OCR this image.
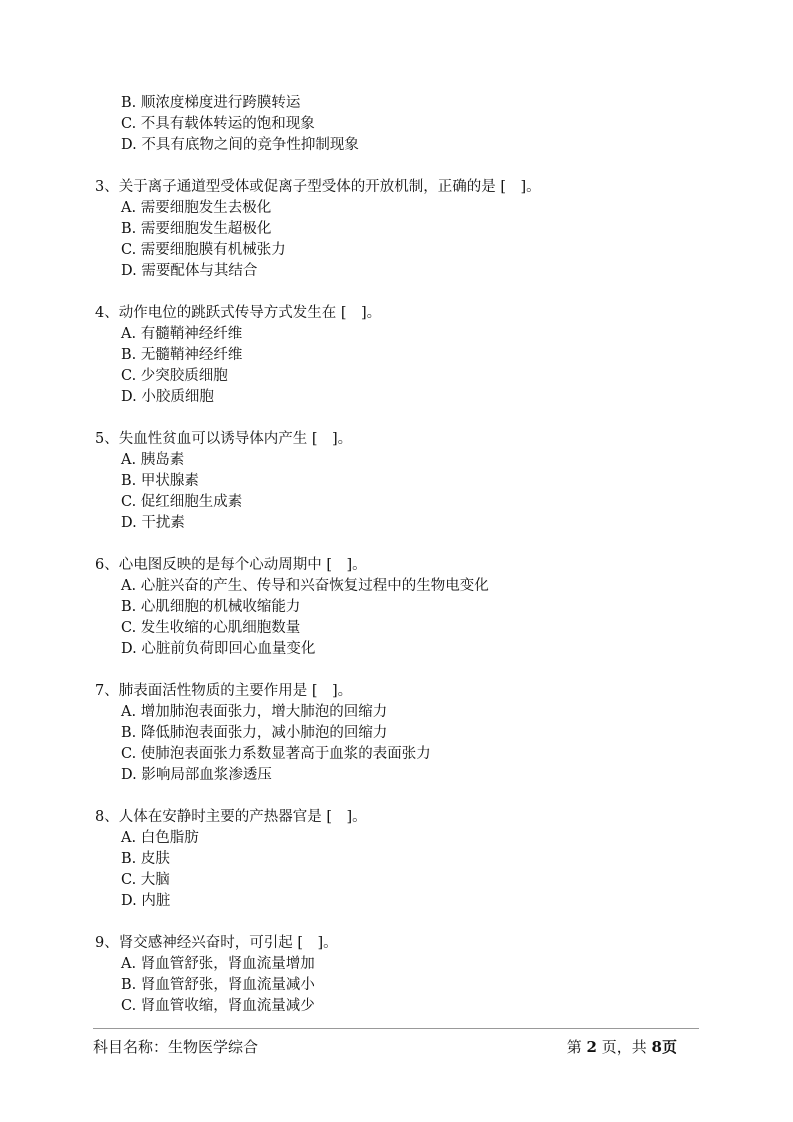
B. 顺浓度梯度进行跨膜转运
C. 不具有载体转运的饱和现象
D. 不具有底物之间的竞争性抑制现象
3、关于离子通道型受体或促离子型受体的开放机制，正确的是 [　]。
A. 需要细胞发生去极化
B. 需要细胞发生超极化
C. 需要细胞膜有机械张力
D. 需要配体与其结合
4、动作电位的跳跃式传导方式发生在 [　]。
A. 有髓鞘神经纤维
B. 无髓鞘神经纤维
C. 少突胶质细胞
D. 小胶质细胞
5、失血性贫血可以诱导体内产生 [　]。
A. 胰岛素
B. 甲状腺素
C. 促红细胞生成素
D. 干扰素
6、心电图反映的是每个心动周期中 [　]。
A. 心脏兴奋的产生、传导和兴奋恢复过程中的生物电变化
B. 心肌细胞的机械收缩能力
C. 发生收缩的心肌细胞数量
D. 心脏前负荷即回心血量变化
7、肺表面活性物质的主要作用是 [　]。
A. 增加肺泡表面张力，增大肺泡的回缩力
B. 降低肺泡表面张力，减小肺泡的回缩力
C. 使肺泡表面张力系数显著高于血浆的表面张力
D. 影响局部血浆渗透压
8、人体在安静时主要的产热器官是 [　]。
A. 白色脂肪
B. 皮肤
C. 大脑
D. 内脏
9、肾交感神经兴奋时，可引起 [　]。
A. 肾血管舒张，肾血流量增加
B. 肾血管舒张，肾血流量减小
C. 肾血管收缩，肾血流量减少
科目名称：生物医学综合	第 2 页，共 8页
